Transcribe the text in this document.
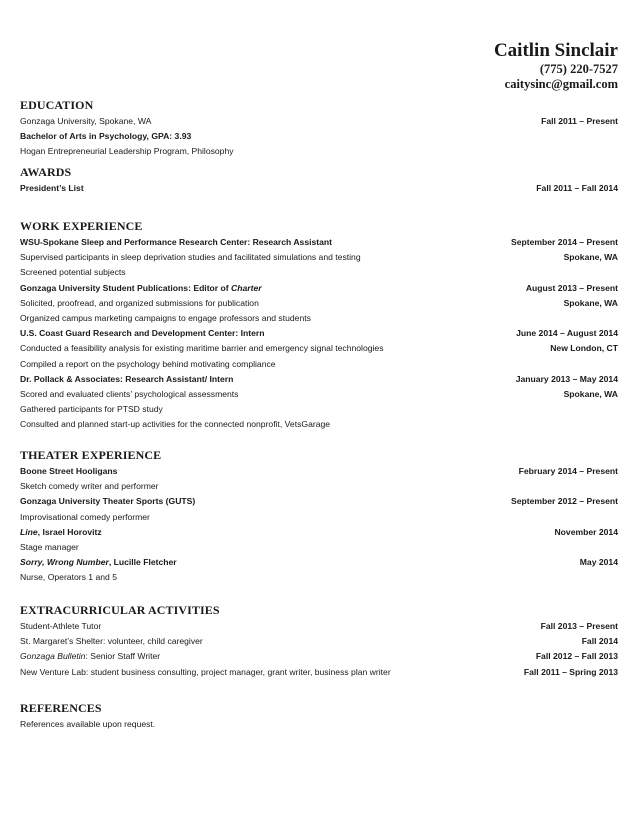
Caitlin Sinclair
(775) 220-7527
caitysinc@gmail.com
EDUCATION
Gonzaga University, Spokane, WA	Fall 2011 – Present
Bachelor of Arts in Psychology, GPA: 3.93
Hogan Entrepreneurial Leadership Program, Philosophy
AWARDS
President’s List	Fall 2011 – Fall 2014
WORK EXPERIENCE
WSU-Spokane Sleep and Performance Research Center: Research Assistant	September 2014 – Present
Supervised participants in sleep deprivation studies and facilitated simulations and testing	Spokane, WA
Screened potential subjects
Gonzaga University Student Publications: Editor of Charter	August 2013 – Present
Solicited, proofread, and organized submissions for publication	Spokane, WA
Organized campus marketing campaigns to engage professors and students
U.S. Coast Guard Research and Development Center: Intern	June 2014 – August 2014
Conducted a feasibility analysis for existing maritime barrier and emergency signal technologies	New London, CT
Compiled a report on the psychology behind motivating compliance
Dr. Pollack & Associates: Research Assistant/ Intern	January 2013 – May 2014
Scored and evaluated clients’ psychological assessments	Spokane, WA
Gathered participants for PTSD study
Consulted and planned start-up activities for the connected nonprofit, VetsGarage
THEATER EXPERIENCE
Boone Street Hooligans	February 2014 – Present
Sketch comedy writer and performer
Gonzaga University Theater Sports (GUTS)	September 2012 – Present
Improvisational comedy performer
Line, Israel Horovitz	November 2014
Stage manager
Sorry, Wrong Number, Lucille Fletcher	May 2014
Nurse, Operators 1 and 5
EXTRACURRICULAR ACTIVITIES
Student-Athlete Tutor	Fall 2013 – Present
St. Margaret’s Shelter: volunteer, child caregiver	Fall 2014
Gonzaga Bulletin: Senior Staff Writer	Fall 2012 – Fall 2013
New Venture Lab: student business consulting, project manager, grant writer, business plan writer	Fall 2011 – Spring 2013
REFERENCES
References available upon request.
